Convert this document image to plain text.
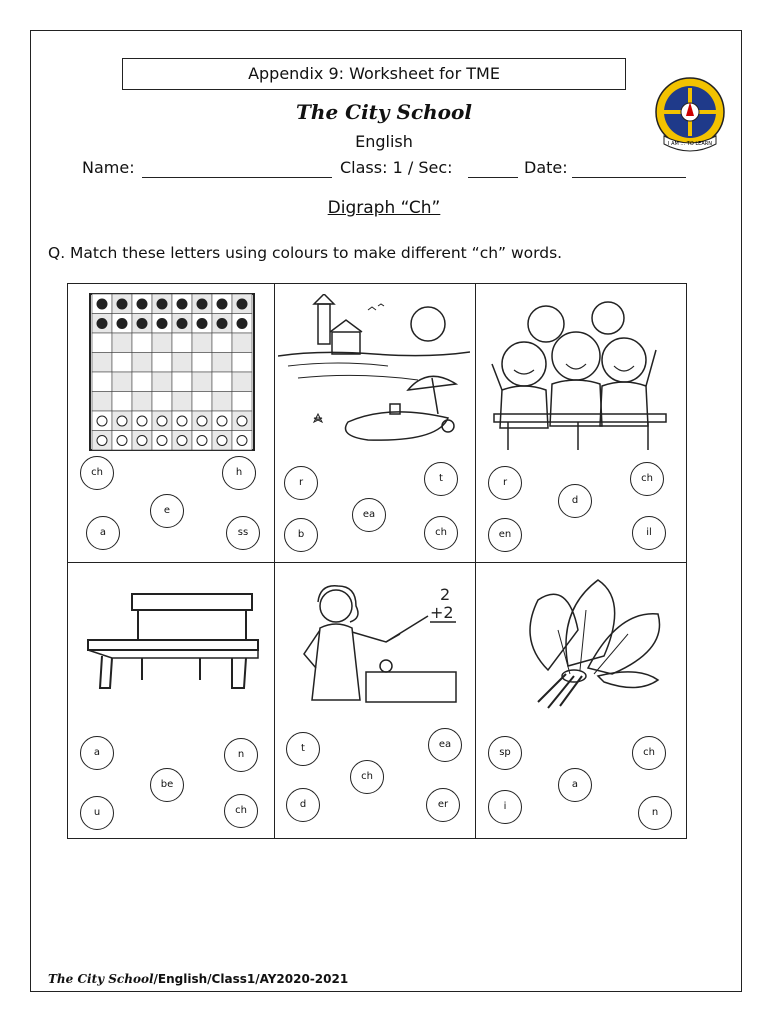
Appendix 9: Worksheet for TME
I AM ... TO LEARN
The City School
English
Name:	Class: 1 / Sec:	Date:
Digraph “Ch”
Q. Match these letters using colours to make different “ch” words.
ch	h
e
a	ss
r	t
ea
b	ch
r	ch
d
en	il
a	n
be
u	ch
2
+2
t	ea
ch
d	er
sp	ch
a
i
n
The City School/English/Class1/AY2020-2021
